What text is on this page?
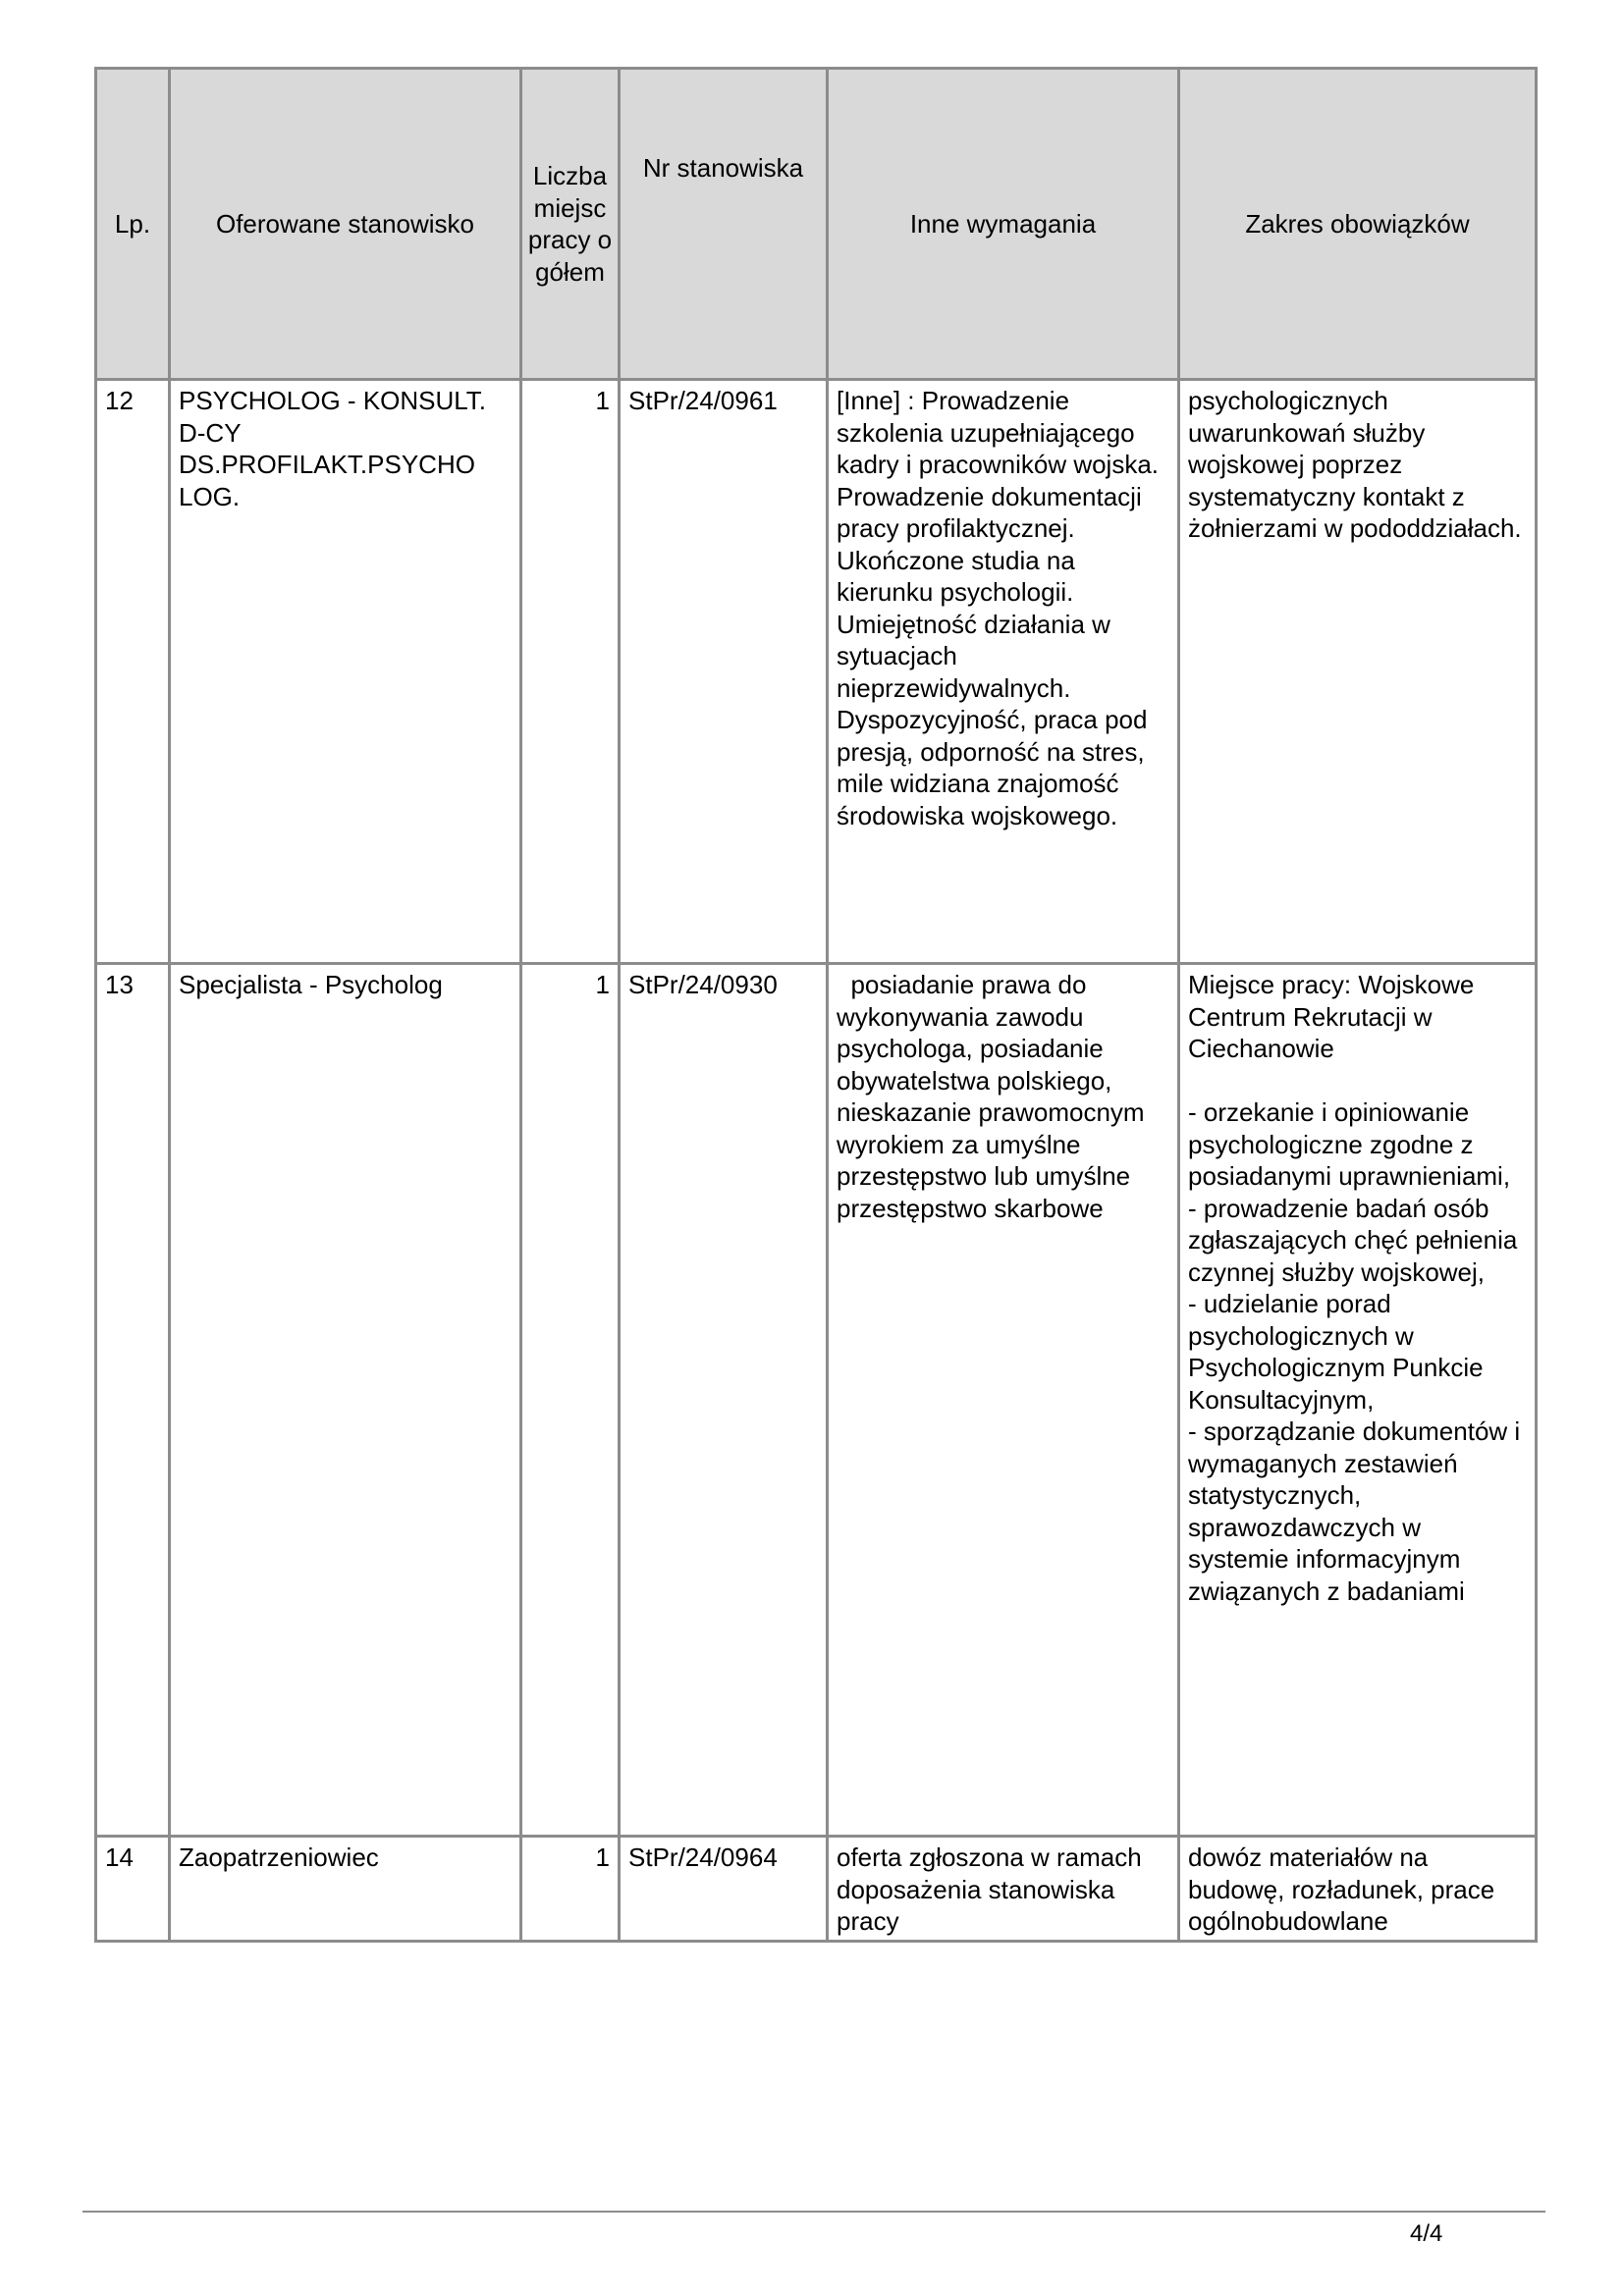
Lp.	Oferowane stanowisko	Liczba miejsc pracy ogółem	Nr stanowiska	Inne wymagania	Zakres obowiązków
12	PSYCHOLOG - KONSULT. D-CY DS.PROFILAKT.PSYCHO LOG.	1	StPr/24/0961	[Inne] : Prowadzenie szkolenia uzupełniającego kadry i pracowników wojska. Prowadzenie dokumentacji pracy profilaktycznej. Ukończone studia na kierunku psychologii. Umiejętność działania w sytuacjach nieprzewidywalnych. Dyspozycyjność, praca pod presją, odporność na stres, mile widziana znajomość środowiska wojskowego.	psychologicznych uwarunkowań służby wojskowej poprzez systematyczny kontakt z żołnierzami w pododdziałach.

13	Specjalista - Psycholog	1	StPr/24/0930	posiadanie prawa do wykonywania zawodu psychologa, posiadanie obywatelstwa polskiego, nieskazanie prawomocnym wyrokiem za umyślne przestępstwo lub umyślne przestępstwo skarbowe	Miejsce pracy: Wojskowe Centrum Rekrutacji w Ciechanowie

- orzekanie i opiniowanie psychologiczne zgodne z posiadanymi uprawnieniami,
- prowadzenie badań osób zgłaszających chęć pełnienia czynnej służby wojskowej,
- udzielanie porad psychologicznych w Psychologicznym Punkcie Konsultacyjnym,
- sporządzanie dokumentów i wymaganych zestawień statystycznych, sprawozdawczych w systemie informacyjnym związanych z badaniami

14	Zaopatrzeniowiec	1	StPr/24/0964	oferta zgłoszona w ramach doposażenia stanowiska pracy	dowóz materiałów na budowę, rozładunek, prace ogólnobudowlane
4/4
